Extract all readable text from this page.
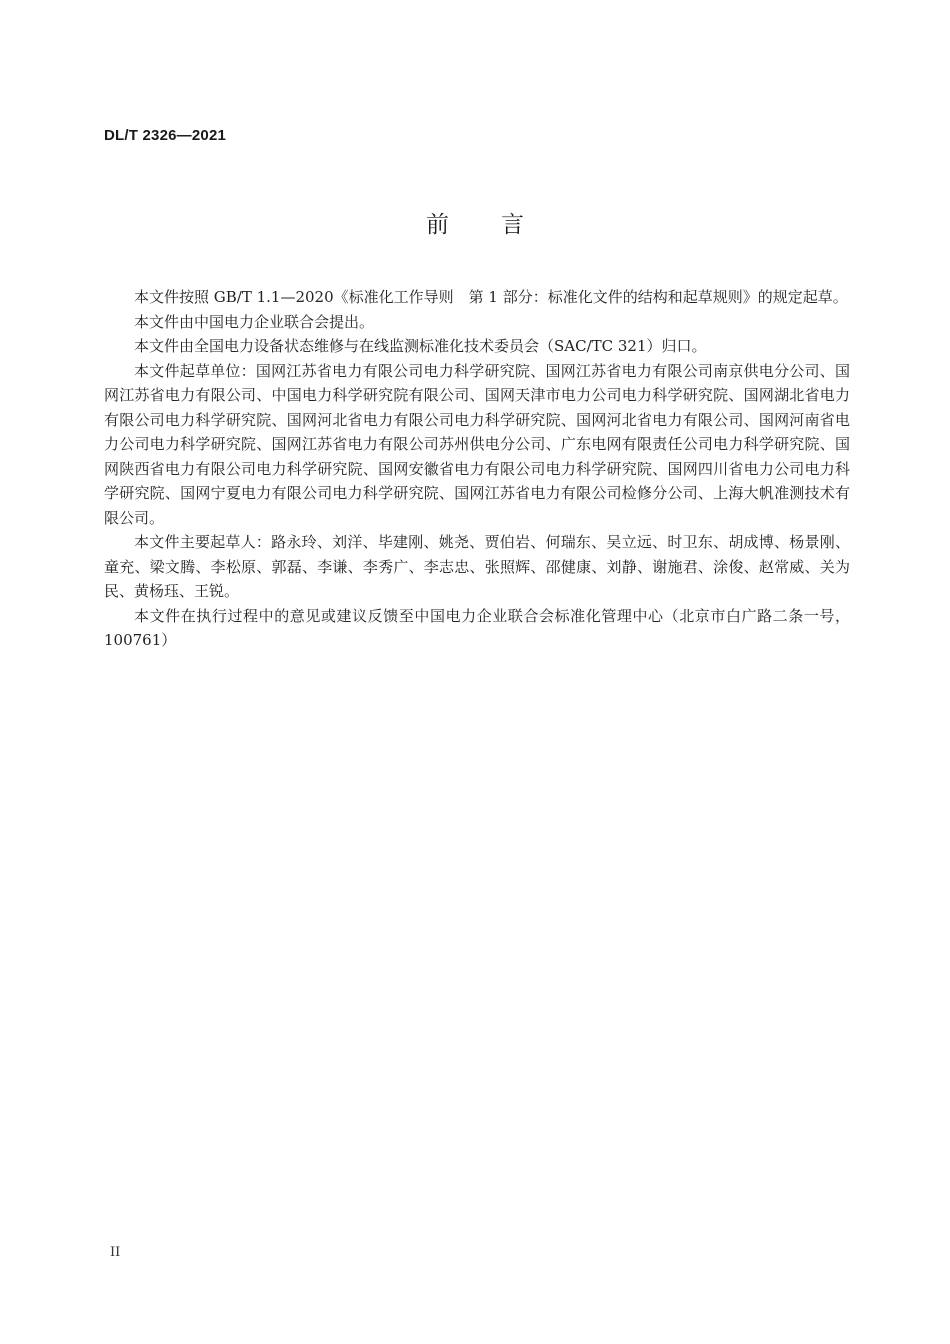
DL/T 2326—2021
前 言

本文件按照 GB/T 1.1—2020《标准化工作导则　第 1 部分：标准化文件的结构和起草规则》的规定起草。

本文件由中国电力企业联合会提出。

本文件由全国电力设备状态维修与在线监测标准化技术委员会（SAC/TC 321）归口。

本文件起草单位：国网江苏省电力有限公司电力科学研究院、国网江苏省电力有限公司南京供电分公司、国网江苏省电力有限公司、中国电力科学研究院有限公司、国网天津市电力公司电力科学研究院、国网湖北省电力有限公司电力科学研究院、国网河北省电力有限公司电力科学研究院、国网河北省电力有限公司、国网河南省电力公司电力科学研究院、国网江苏省电力有限公司苏州供电分公司、广东电网有限责任公司电力科学研究院、国网陕西省电力有限公司电力科学研究院、国网安徽省电力有限公司电力科学研究院、国网四川省电力公司电力科学研究院、国网宁夏电力有限公司电力科学研究院、国网江苏省电力有限公司检修分公司、上海大帆准测技术有限公司。

本文件主要起草人：路永玲、刘洋、毕建刚、姚尧、贾伯岩、何瑞东、吴立远、时卫东、胡成博、杨景刚、童充、梁文腾、李松原、郭磊、李谦、李秀广、李志忠、张照辉、邵健康、刘静、谢施君、涂俊、赵常威、关为民、黄杨珏、王锐。

本文件在执行过程中的意见或建议反馈至中国电力企业联合会标准化管理中心（北京市白广路二条一号，100761）

II
